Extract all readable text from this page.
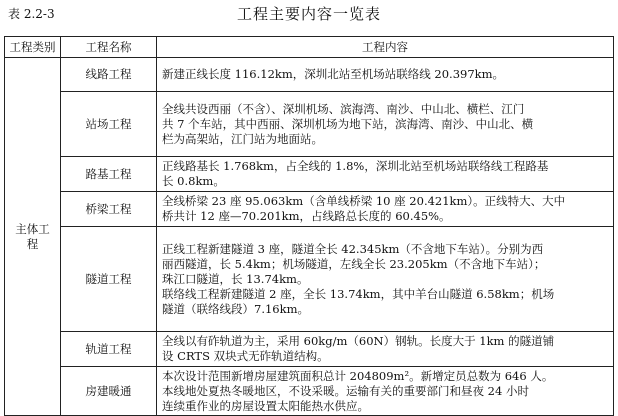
表 2.2-3	工程主要内容一览表
工程类别	工程名称	工程内容
主体工程	线路工程	新建正线长度 116.12km，深圳北站至机场站联络线 20.397km。

	站场工程	全线共设西丽（不含）、深圳机场、滨海湾、南沙、中山北、横栏、江门
共 7 个车站，其中西丽、深圳机场为地下站，滨海湾、南沙、中山北、横
栏为高架站，江门站为地面站。

	路基工程	正线路基长 1.768km，占全线的 1.8%，深圳北站至机场站联络线工程路基
长 0.8km。

	桥梁工程	全线桥梁 23 座 95.063km（含单线桥梁 10 座 20.421km）。正线特大、大中
桥共计 12 座—70.201km，占线路总长度的 60.45%。

	隧道工程	正线工程新建隧道 3 座，隧道全长 42.345km（不含地下车站）。分别为西
丽西隧道，长 5.4km；机场隧道，左线全长 23.205km（不含地下车站）；
珠江口隧道，长 13.74km。
联络线工程新建隧道 2 座，全长 13.74km，其中羊台山隧道 6.58km；机场
隧道（联络线段）7.16km。

	轨道工程	全线以有砟轨道为主，采用 60kg/m（60N）钢轨。长度大于 1km 的隧道铺
设 CRTS 双块式无砟轨道结构。

	房建暖通	本次设计范围新增房屋建筑面积总计 204809m²。新增定员总数为 646 人。
本线地处夏热冬暖地区，不设采暖。运输有关的重要部门和昼夜 24 小时
连续重作业的房屋设置太阳能热水供应。
